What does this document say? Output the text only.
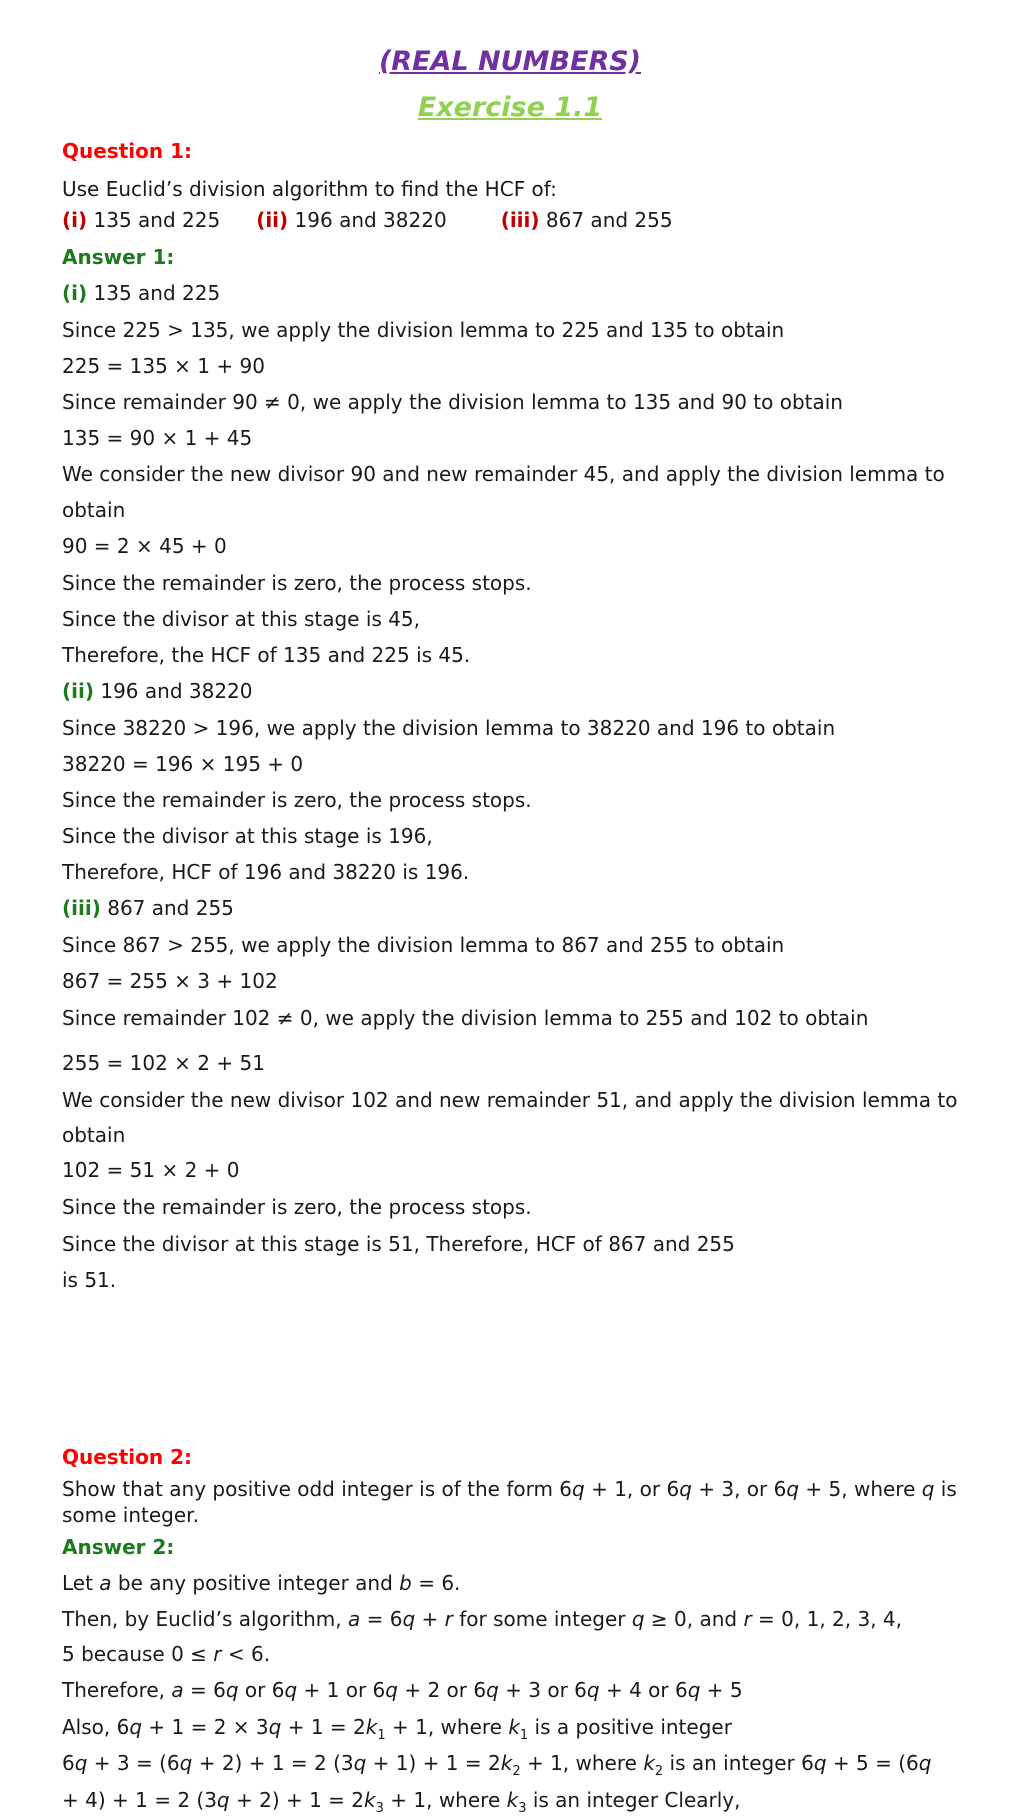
(REAL NUMBERS)
Exercise 1.1
Question 1:
Use Euclid’s division algorithm to find the HCF of:
(i) 135 and 225 (ii) 196 and 38220	(iii) 867 and 255
Answer 1:
(i) 135 and 225
Since 225 > 135, we apply the division lemma to 225 and 135 to obtain
225 = 135 × 1 + 90
Since remainder 90 ≠ 0, we apply the division lemma to 135 and 90 to obtain
135 = 90 × 1 + 45
We consider the new divisor 90 and new remainder 45, and apply the division lemma to
obtain
90 = 2 × 45 + 0
Since the remainder is zero, the process stops.
Since the divisor at this stage is 45,
Therefore, the HCF of 135 and 225 is 45.
(ii) 196 and 38220
Since 38220 > 196, we apply the division lemma to 38220 and 196 to obtain
38220 = 196 × 195 + 0
Since the remainder is zero, the process stops.
Since the divisor at this stage is 196,
Therefore, HCF of 196 and 38220 is 196.
(iii) 867 and 255
Since 867 > 255, we apply the division lemma to 867 and 255 to obtain
867 = 255 × 3 + 102
Since remainder 102 ≠ 0, we apply the division lemma to 255 and 102 to obtain
255 = 102 × 2 + 51
We consider the new divisor 102 and new remainder 51, and apply the division lemma to
obtain
102 = 51 × 2 + 0
Since the remainder is zero, the process stops.
Since the divisor at this stage is 51, Therefore, HCF of 867 and 255
is 51.
Question 2:
Show that any positive odd integer is of the form 6q + 1, or 6q + 3, or 6q + 5, where q is
some integer.
Answer 2:
Let a be any positive integer and b = 6.
Then, by Euclid’s algorithm, a = 6q + r for some integer q ≥ 0, and r = 0, 1, 2, 3, 4,
5 because 0 ≤ r < 6.
Therefore, a = 6q or 6q + 1 or 6q + 2 or 6q + 3 or 6q + 4 or 6q + 5
Also, $6q + 1 = 2 \times 3q + 1 = 2k_1 + 1$, where $k_1$ is a positive integer
6q + 3 = (6q + 2) + 1 = 2 $(3q + 1) + 1 = 2k_2 + 1$, where $k_2$ is an integer 6q + 5 = (6q
+ 4) + 1 = 2 $(3q + 2) + 1 = 2k_3 + 1$, where $k_3$ is an integer Clearly,
